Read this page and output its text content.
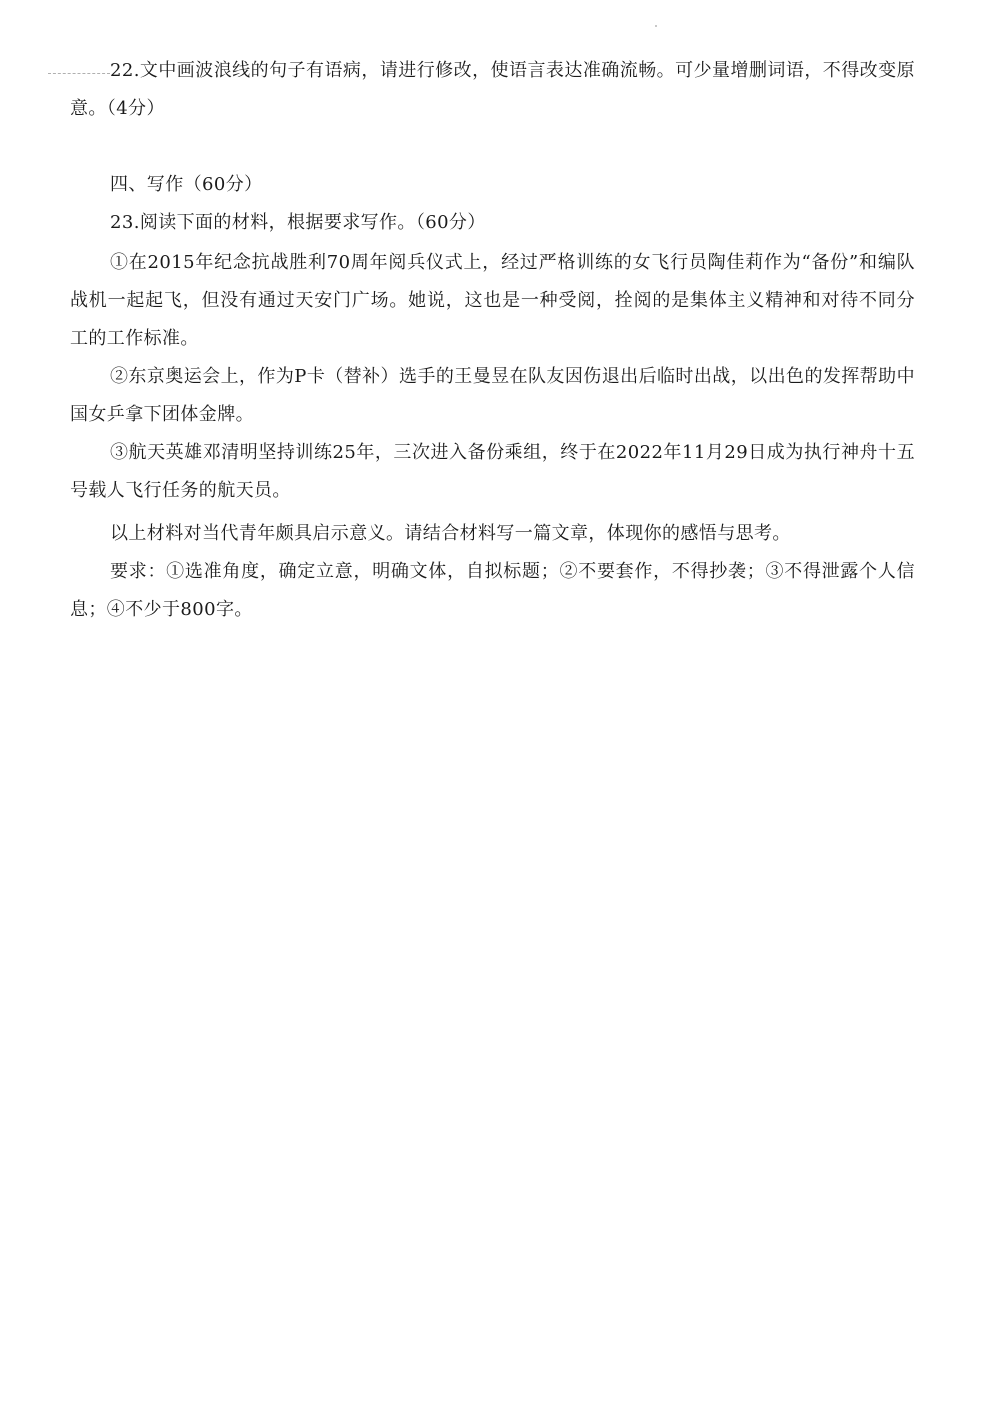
22.文中画波浪线的句子有语病，请进行修改，使语言表达准确流畅。可少量增删词语，不得改变原意。（4分）

四、写作（60分）

23.阅读下面的材料，根据要求写作。（60分）

①在2015年纪念抗战胜利70周年阅兵仪式上，经过严格训练的女飞行员陶佳莉作为“备份”和编队战机一起起飞，但没有通过天安门广场。她说，这也是一种受阅，拴阅的是集体主义精神和对待不同分工的工作标准。

②东京奥运会上，作为P卡（替补）选手的王曼昱在队友因伤退出后临时出战，以出色的发挥帮助中国女乒拿下团体金牌。

③航天英雄邓清明坚持训练25年，三次进入备份乘组，终于在2022年11月29日成为执行神舟十五号载人飞行任务的航天员。

以上材料对当代青年颇具启示意义。请结合材料写一篇文章，体现你的感悟与思考。

要求：①选准角度，确定立意，明确文体，自拟标题；②不要套作，不得抄袭；③不得泄露个人信息；④不少于800字。
